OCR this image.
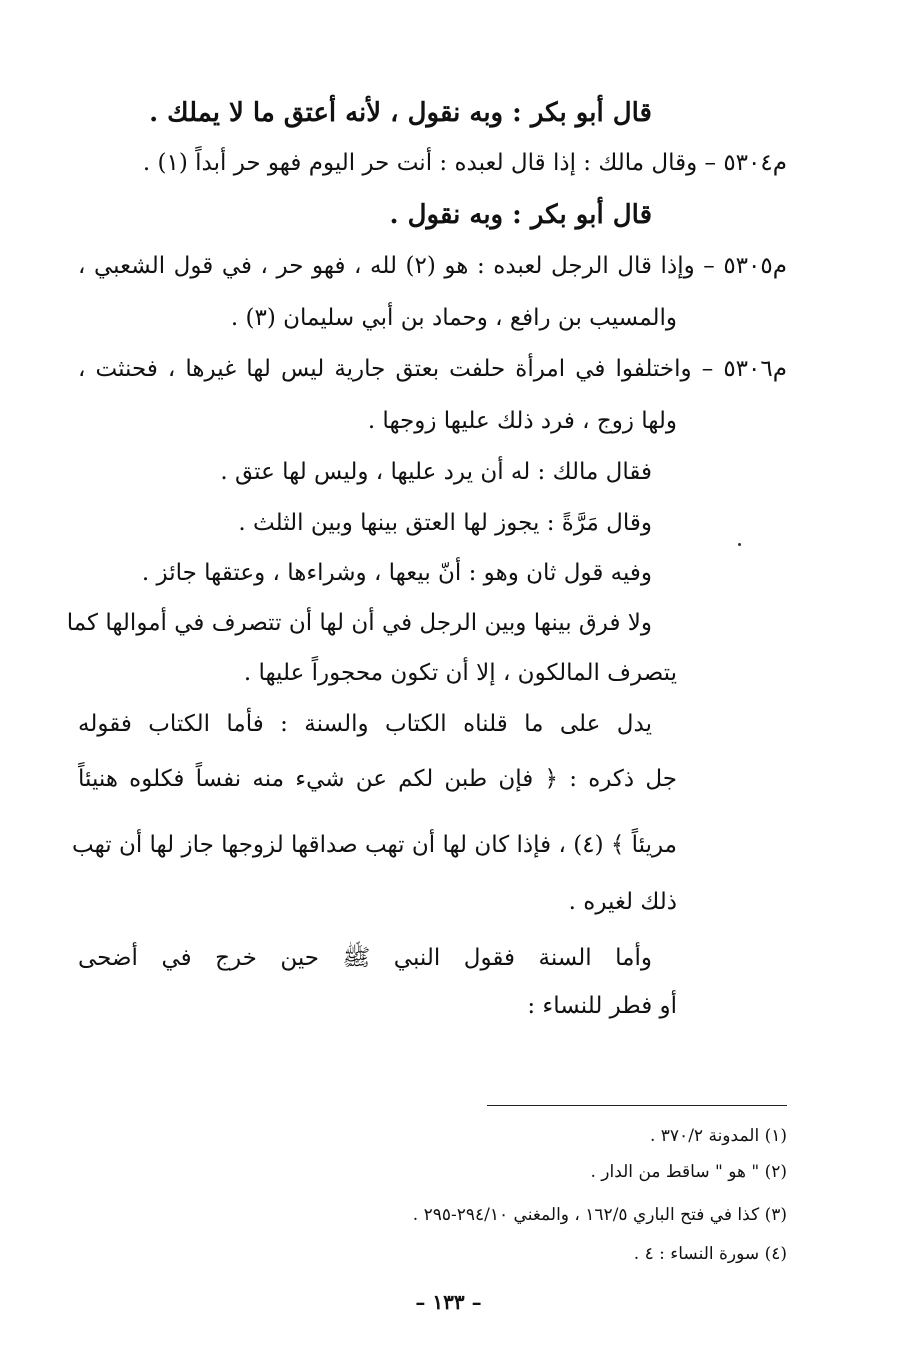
قال أبو بكر : وبه نقول ، لأنه أعتق ما لا يملك .
م٥٣٠٤ – وقال مالك : إذا قال لعبده : أنت حر اليوم فهو حر أبداً (١) .
قال أبو بكر : وبه نقول .
م٥٣٠٥ – وإذا قال الرجل لعبده : هو (٢) لله ، فهو حر ، في قول الشعبي ،
والمسيب بن رافع ، وحماد بن أبي سليمان (٣) .
م٥٣٠٦ – واختلفوا في امرأة حلفت بعتق جارية ليس لها غيرها ، فحنثت ،
ولها زوج ، فرد ذلك عليها زوجها .
فقال مالك : له أن يرد عليها ، وليس لها عتق .
وقال مَرَّةً : يجوز لها العتق بينها وبين الثلث .
وفيه قول ثان وهو : أنّ بيعها ، وشراءها ، وعتقها جائز .
ولا فرق بينها وبين الرجل في أن لها أن تتصرف في أموالها كما
يتصرف المالكون ، إلا أن تكون محجوراً عليها .
يدل على ما قلناه الكتاب والسنة : فأما الكتاب فقوله
جل ذكره : ﴿ فإن طبن لكم عن شيء منه نفساً فكلوه هنيئاً
مريئاً ﴾ (٤) ، فإذا كان لها أن تهب صداقها لزوجها جاز لها أن تهب
ذلك لغيره .
وأما السنة فقول النبي ﷺ حين خرج في أضحى
أو فطر للنساء :
(١) المدونة ٣٧٠/٢ .
(٢) " هو " ساقط من الدار .
(٣) كذا في فتح الباري ١٦٢/٥ ، والمغني ٢٩٤/١٠-٢٩٥ .
(٤) سورة النساء : ٤ .
– ١٣٣ –
